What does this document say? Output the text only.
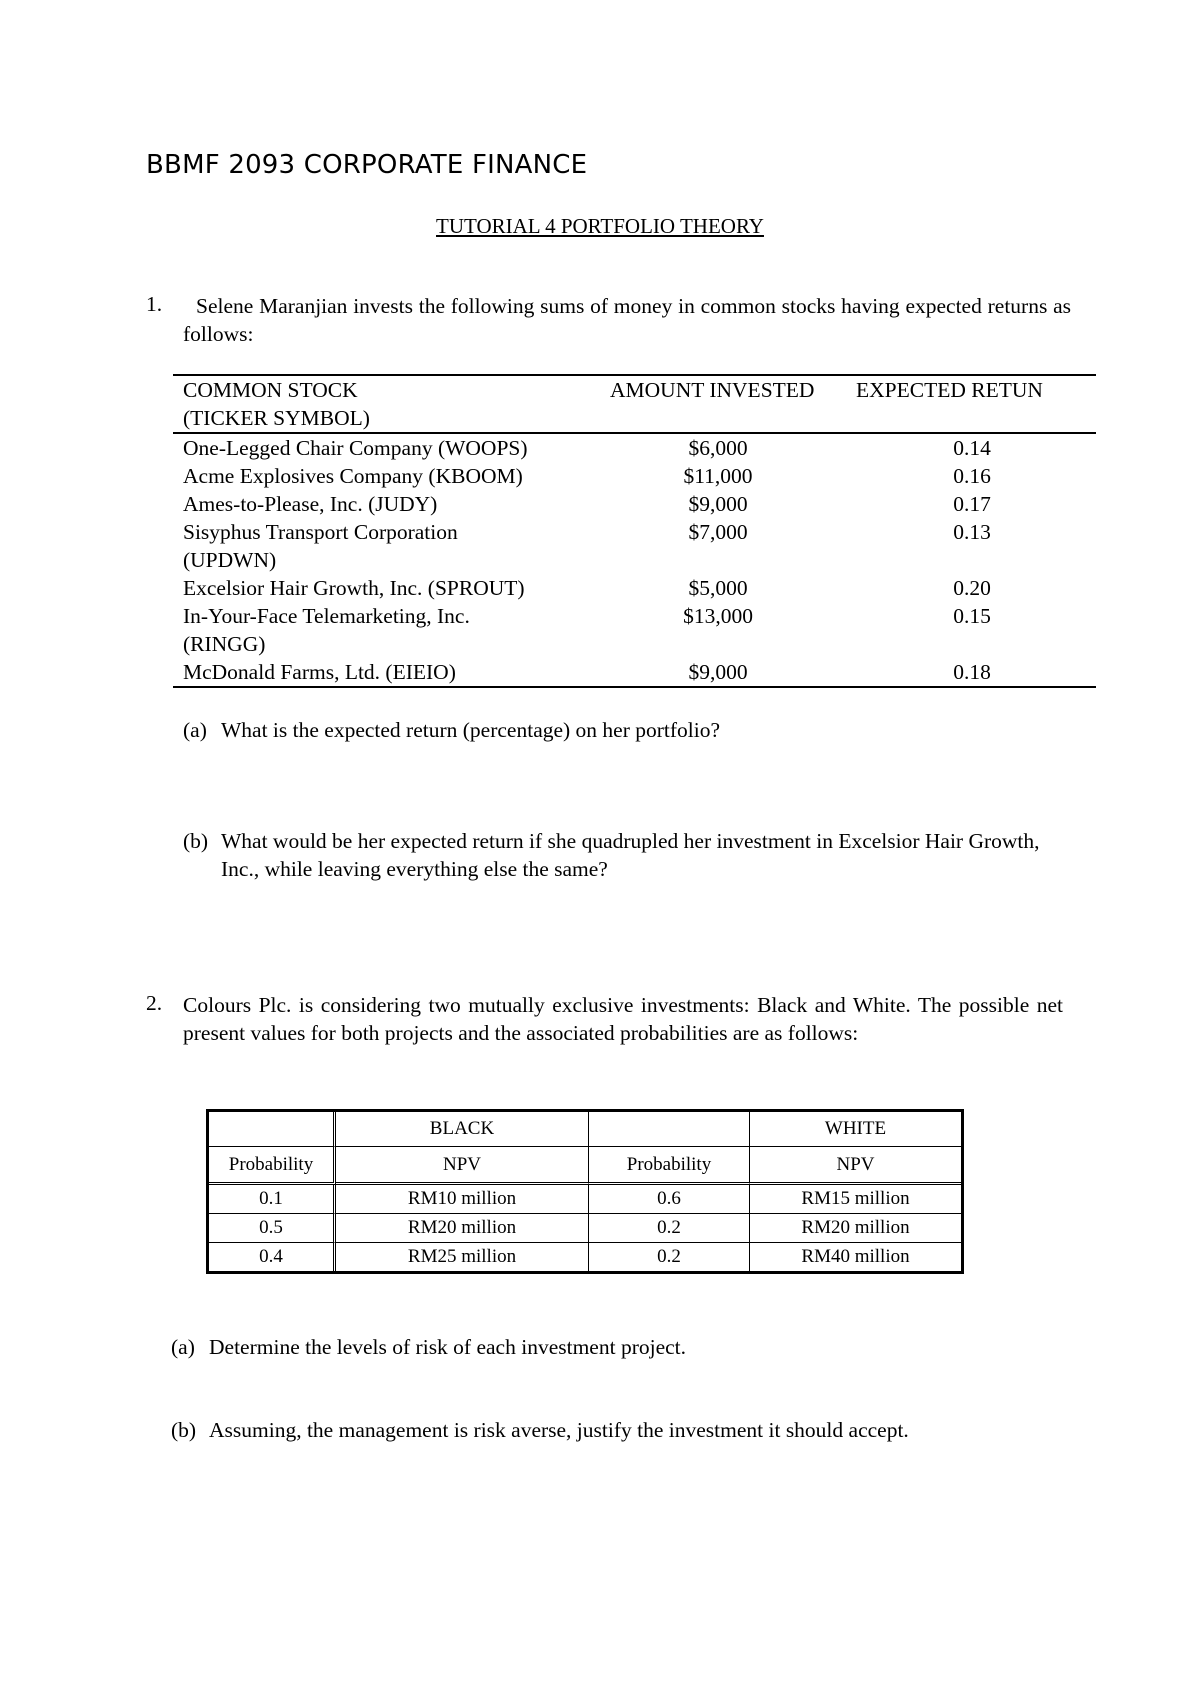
BBMF 2093 CORPORATE FINANCE
TUTORIAL 4 PORTFOLIO THEORY
1.	Selene Maranjian invests the following sums of money in common stocks having expected returns as follows:
COMMON STOCK
(TICKER SYMBOL)	AMOUNT INVESTED	EXPECTED RETUN
One-Legged Chair Company (WOOPS)	$6,000	0.14
Acme Explosives Company (KBOOM)	$11,000	0.16
Ames-to-Please, Inc. (JUDY)	$9,000	0.17

Sisyphus Transport Corporation (UPDWN)
$7,000	0.13
Excelsior Hair Growth, Inc. (SPROUT)	$5,000	0.20

In-Your-Face Telemarketing, Inc. (RINGG)
$13,000	0.15
McDonald Farms, Ltd. (EIEIO)	$9,000	0.18
(a) What is the expected return (percentage) on her portfolio?
(b) What would be her expected return if she quadrupled her investment in Excelsior Hair Growth, Inc., while leaving everything else the same?
2. Colours Plc. is considering two mutually exclusive investments: Black and White. The possible net present values for both projects and the associated probabilities are as follows:
	BLACK		WHITE
Probability	NPV	Probability	NPV
0.1	RM10 million	0.6	RM15 million
0.5	RM20 million	0.2	RM20 million
0.4	RM25 million	0.2	RM40 million
(a) Determine the levels of risk of each investment project.
(b) Assuming, the management is risk averse, justify the investment it should accept.
